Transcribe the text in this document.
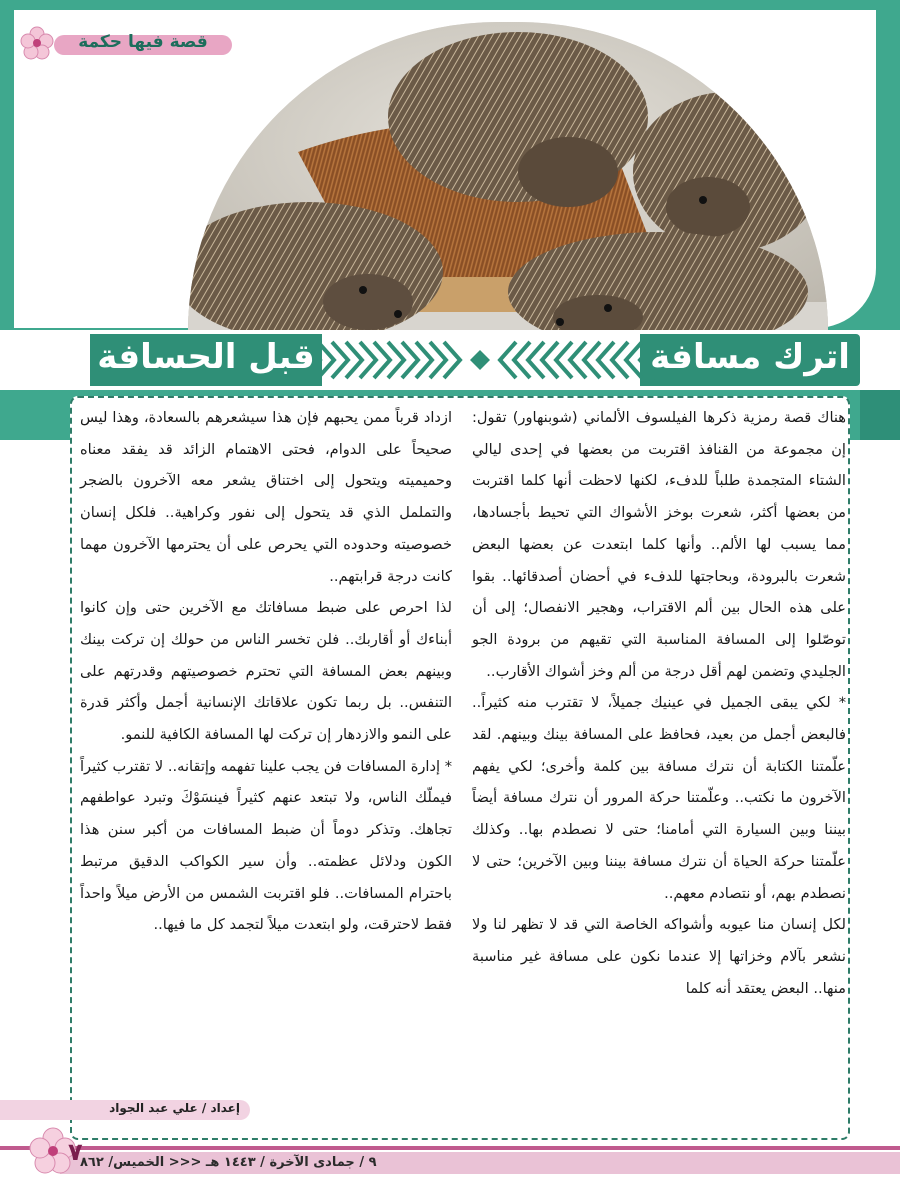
قصة فيها حكمة
اترك مسافة
قبل الحسافة

هناك قصة رمزية ذكرها الفيلسوف الألماني (شوبنهاور) تقول: إن مجموعة من القنافذ اقتربت من بعضها في إحدى ليالي الشتاء المتجمدة طلباً للدفء، لكنها لاحظت أنها كلما اقتربت من بعضها أكثر، شعرت بوخز الأشواك التي تحيط بأجسادها، مما يسبب لها الألم.. وأنها كلما ابتعدت عن بعضها البعض شعرت بالبرودة، وبحاجتها للدفء في أحضان أصدقائها.. بقوا على هذه الحال بين ألم الاقتراب، وهجير الانفصال؛ إلى أن توصّلوا إلى المسافة المناسبة التي تقيهم من برودة الجو الجليدي وتضمن لهم أقل درجة من ألم وخز أشواك الأقارب..

* لكي يبقى الجميل في عينيك جميلاً، لا تقترب منه كثيراً.. فالبعض أجمل من بعيد، فحافظ على المسافة بينك وبينهم. لقد علّمتنا الكتابة أن نترك مسافة بين كلمة وأخرى؛ لكي يفهم الآخرون ما نكتب.. وعلّمتنا حركة المرور أن نترك مسافة أيضاً بيننا وبين السيارة التي أمامنا؛ حتى لا نصطدم بها.. وكذلك علّمتنا حركة الحياة أن نترك مسافة بيننا وبين الآخرين؛ حتى لا نصطدم بهم، أو نتصادم معهم..

لكل إنسان منا عيوبه وأشواكه الخاصة التي قد لا تظهر لنا ولا نشعر بآلام وخزاتها إلا عندما نكون على مسافة غير مناسبة منها.. البعض يعتقد أنه كلما

ازداد قرباً ممن يحبهم فإن هذا سيشعرهم بالسعادة، وهذا ليس صحيحاً على الدوام، فحتى الاهتمام الزائد قد يفقد معناه وحميميته ويتحول إلى اختناق يشعر معه الآخرون بالضجر والتململ الذي قد يتحول إلى نفور وكراهية.. فلكل إنسان خصوصيته وحدوده التي يحرص على أن يحترمها الآخرون مهما كانت درجة قرابتهم..

لذا احرص على ضبط مسافاتك مع الآخرين حتى وإن كانوا أبناءك أو أقاربك.. فلن تخسر الناس من حولك إن تركت بينك وبينهم بعض المسافة التي تحترم خصوصيتهم وقدرتهم على التنفس.. بل ربما تكون علاقاتك الإنسانية أجمل وأكثر قدرة على النمو والازدهار إن تركت لها المسافة الكافية للنمو.

* إدارة المسافات فن يجب علينا تفهمه وإتقانه.. لا تقترب كثيراً فيملّك الناس، ولا تبتعد عنهم كثيراً فينسَوْكَ وتبرد عواطفهم تجاهك. وتذكر دوماً أن ضبط المسافات من أكبر سنن هذا الكون ودلائل عظمته.. وأن سير الكواكب الدقيق مرتبط باحترام المسافات.. فلو اقتربت الشمس من الأرض ميلاً واحداً فقط لاحترقت، ولو ابتعدت ميلاً لتجمد كل ما فيها..

إعداد / علي عبد الجواد
٩ / جمادى الآخرة / ١٤٤٣ هـ <<< الخميس/ ٨٦٢
٧
